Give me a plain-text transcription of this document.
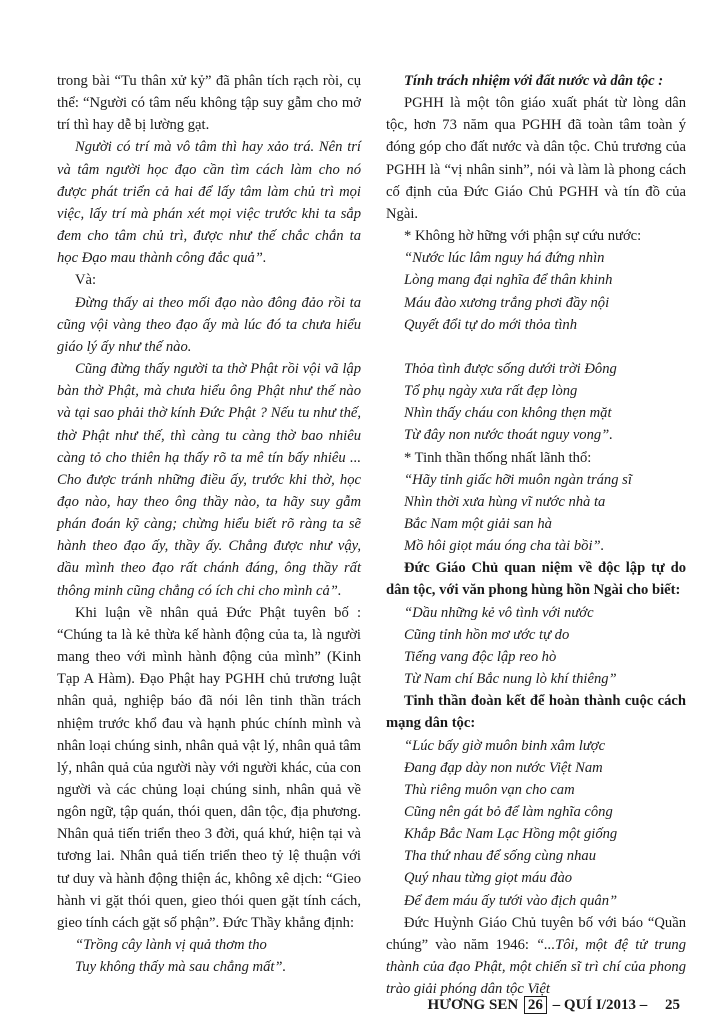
trong bài “Tu thân xử kỷ” đã phân tích rạch ròi, cụ thể: “Người có tâm nếu không tập suy gẫm cho mở trí thì hay dễ bị lường gạt.

Người có trí mà vô tâm thì hay xảo trá. Nên trí và tâm người học đạo cần tìm cách làm cho nó được phát triển cả hai để lấy tâm làm chủ trì mọi việc, lấy trí mà phán xét mọi việc trước khi ta sắp đem cho tâm chủ trì, được như thế chắc chắn ta học Đạo mau thành công đắc quả”.

Và:

Đừng thấy ai theo mối đạo nào đông đảo rồi ta cũng vội vàng theo đạo ấy mà lúc đó ta chưa hiểu giáo lý ấy như thế nào.

Cũng đừng thấy người ta thờ Phật rồi vội vã lập bàn thờ Phật, mà chưa hiểu ông Phật như thế nào và tại sao phải thờ kính Đức Phật ? Nếu tu như thế, thờ Phật như thế, thì càng tu càng thờ bao nhiêu càng tỏ cho thiên hạ thấy rõ ta mê tín bấy nhiêu ... Cho được tránh những điều ấy, trước khi thờ, học đạo nào, hay theo ông thầy nào, ta hãy suy gẫm phán đoán kỹ càng; chừng hiểu biết rõ ràng ta sẽ hành theo đạo ấy, thầy ấy. Chẳng được như vậy, dầu mình theo đạo rất chánh đáng, ông thầy rất thông minh cũng chẳng có ích chi cho mình cả”.

Khi luận về nhân quả Đức Phật tuyên bố : “Chúng ta là kẻ thừa kế hành động của ta, là người mang theo với mình hành động của mình” (Kinh Tạp A Hàm). Đạo Phật hay PGHH chủ trương luật nhân quả, nghiệp báo đã nói lên tinh thần trách nhiệm trước khổ đau và hạnh phúc chính mình và nhân loại chúng sinh, nhân quả vật lý, nhân quả tâm lý, nhân quả của người này với người khác, của con người và các chủng loại chúng sinh, nhân quả về ngôn ngữ, tập quán, thói quen, dân tộc, địa phương. Nhân quả tiến triển theo 3 đời, quá khứ, hiện tại và tương lai. Nhân quả tiến triển theo tỷ lệ thuận với tư duy và hành động thiện ác, không xê dịch: “Gieo hành vi gặt thói quen, gieo thói quen gặt tính cách, gieo tính cách gặt số phận”. Đức Thầy khẳng định:

“Trồng cây lành vị quả thơm tho
Tuy không thấy mà sau chẳng mất”.

Tính trách nhiệm với đất nước và dân tộc :

PGHH là một tôn giáo xuất phát từ lòng dân tộc, hơn 73 năm qua PGHH đã toàn tâm toàn ý đóng góp cho đất nước và dân tộc. Chủ trương của PGHH là “vị nhân sinh”, nói và làm là phong cách cố định của Đức Giáo Chủ PGHH và tín đồ của Ngài.

* Không hờ hững với phận sự cứu nước:

“Nước lúc lâm nguy há đứng nhìn
Lòng mang đại nghĩa để thân khinh
Máu đào xương trắng phơi đầy nội
Quyết đổi tự do mới thỏa tình
Thỏa tình được sống dưới trời Đông
Tổ phụ ngày xưa rất đẹp lòng
Nhìn thấy cháu con không thẹn mặt
Từ đây non nước thoát nguy vong”.

* Tinh thần thống nhất lãnh thổ:

“Hãy tỉnh giấc hỡi muôn ngàn tráng sĩ
Nhìn thời xưa hùng vĩ nước nhà ta
Bắc Nam một giải san hà
Mồ hôi giọt máu óng cha tài bồi”.

Đức Giáo Chủ quan niệm về độc lập tự do dân tộc, với văn phong hùng hồn Ngài cho biết:

“Dầu những kẻ vô tình với nước
Cũng tỉnh hồn mơ ước tự do
Tiếng vang độc lập reo hò
Từ Nam chí Bắc nung lò khí thiêng”

Tinh thần đoàn kết để hoàn thành cuộc cách mạng dân tộc:

“Lúc bấy giờ muôn binh xâm lược
Đang đạp dày non nước Việt Nam
Thù riêng muôn vạn cho cam
Cũng nên gát bỏ để làm nghĩa công
Khắp Bắc Nam Lạc Hồng một giống
Tha thứ nhau để sống cùng nhau
Quý nhau từng giọt máu đào
Để đem máu ấy tưới vào địch quân”

Đức Huỳnh Giáo Chủ tuyên bố với báo “Quần chúng” vào năm 1946: “...Tôi, một đệ tử trung thành của đạo Phật, một chiến sĩ trì chí của phong trào giải phóng dân tộc Việt

HƯƠNG SEN 26 – QUÍ I/2013 – 25
